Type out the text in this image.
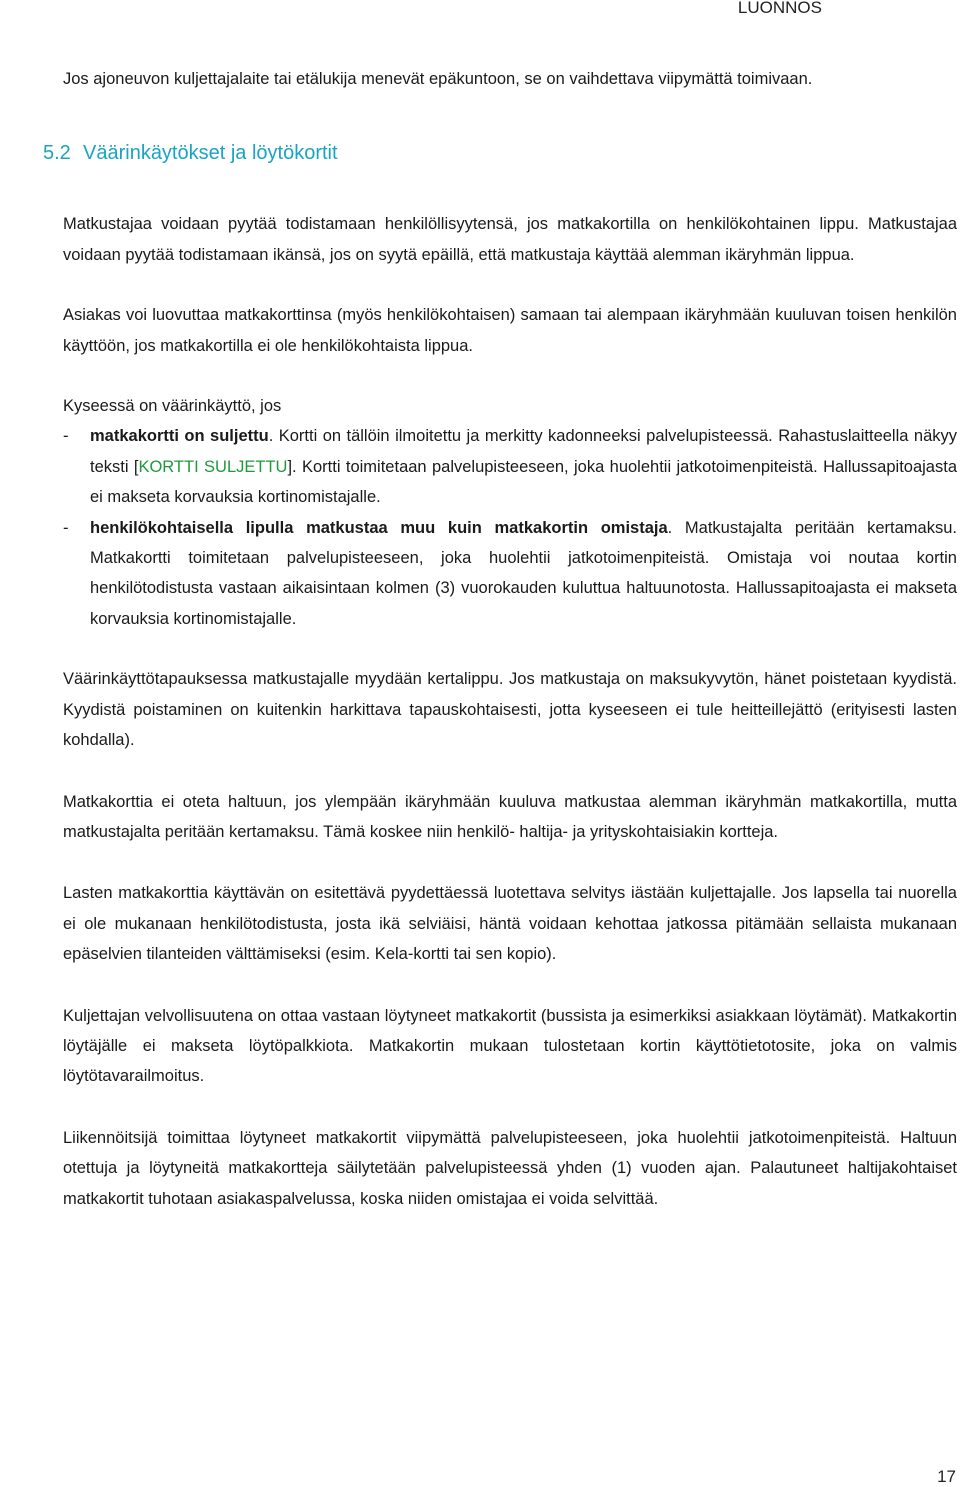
LUONNOS

Jos ajoneuvon kuljettajalaite tai etälukija menevät epäkuntoon, se on vaihdettava viipymättä toimivaan.

5.2 Väärinkäytökset ja löytökortit

Matkustajaa voidaan pyytää todistamaan henkilöllisyytensä, jos matkakortilla on henkilökohtainen lippu. Matkustajaa voidaan pyytää todistamaan ikänsä, jos on syytä epäillä, että matkustaja käyttää alemman ikäryhmän lippua.

Asiakas voi luovuttaa matkakorttinsa (myös henkilökohtaisen) samaan tai alempaan ikäryhmään kuuluvan toisen henkilön käyttöön, jos matkakortilla ei ole henkilökohtaista lippua.

Kyseessä on väärinkäyttö, jos

- matkakortti on suljettu. Kortti on tällöin ilmoitettu ja merkitty kadonneeksi palvelupisteessä. Rahastuslaitteella näkyy teksti [KORTTI SULJETTU]. Kortti toimitetaan palvelupisteeseen, joka huolehtii jatkotoimenpiteistä. Hallussapitoajasta ei makseta korvauksia kortinomistajalle.
- henkilökohtaisella lipulla matkustaa muu kuin matkakortin omistaja. Matkustajalta peritään kertamaksu. Matkakortti toimitetaan palvelupisteeseen, joka huolehtii jatkotoimenpiteistä. Omistaja voi noutaa kortin henkilötodistusta vastaan aikaisintaan kolmen (3) vuorokauden kuluttua haltuunotosta. Hallussapitoajasta ei makseta korvauksia kortinomistajalle.

Väärinkäyttötapauksessa matkustajalle myydään kertalippu. Jos matkustaja on maksukyvytön, hänet poistetaan kyydistä. Kyydistä poistaminen on kuitenkin harkittava tapauskohtaisesti, jotta kyseeseen ei tule heitteillejättö (erityisesti lasten kohdalla).

Matkakorttia ei oteta haltuun, jos ylempään ikäryhmään kuuluva matkustaa alemman ikäryhmän matkakortilla, mutta matkustajalta peritään kertamaksu. Tämä koskee niin henkilö- haltija- ja yrityskohtaisiakin kortteja.

Lasten matkakorttia käyttävän on esitettävä pyydettäessä luotettava selvitys iästään kuljettajalle. Jos lapsella tai nuorella ei ole mukanaan henkilötodistusta, josta ikä selviäisi, häntä voidaan kehottaa jatkossa pitämään sellaista mukanaan epäselvien tilanteiden välttämiseksi (esim. Kela-kortti tai sen kopio).

Kuljettajan velvollisuutena on ottaa vastaan löytyneet matkakortit (bussista ja esimerkiksi asiakkaan löytämät). Matkakortin löytäjälle ei makseta löytöpalkkiota. Matkakortin mukaan tulostetaan kortin käyttötietotosite, joka on valmis löytötavarailmoitus.

Liikennöitsijä toimittaa löytyneet matkakortit viipymättä palvelupisteeseen, joka huolehtii jatkotoimenpiteistä. Haltuun otettuja ja löytyneitä matkakortteja säilytetään palvelupisteessä yhden (1) vuoden ajan. Palautuneet haltijakohtaiset matkakortit tuhotaan asiakaspalvelussa, koska niiden omistajaa ei voida selvittää.

17
